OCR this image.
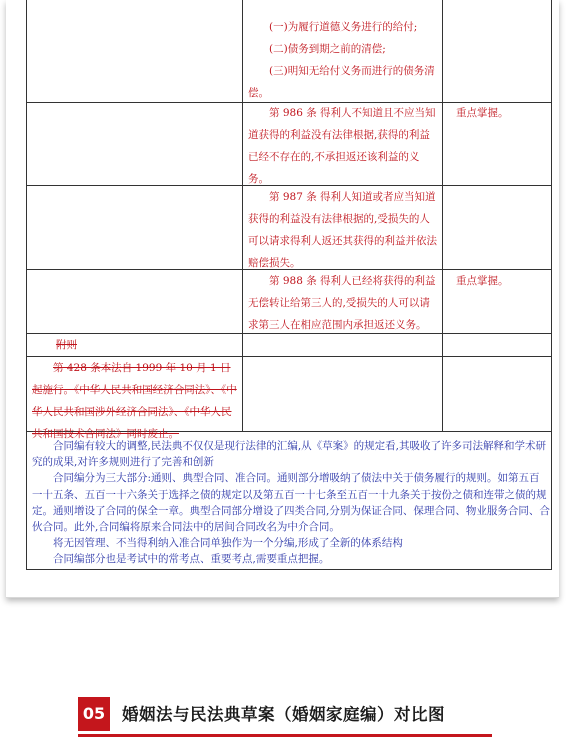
(一)为履行道德义务进行的给付;
(二)债务到期之前的清偿;
(三)明知无给付义务而进行的债务清偿。
第 986 条 得利人不知道且不应当知道获得的利益没有法律根据,获得的利益已经不存在的,不承担返还该利益的义务。
重点掌握。
第 987 条 得利人知道或者应当知道获得的利益没有法律根据的,受损失的人可以请求得利人返还其获得的利益并依法赔偿损失。
第 988 条 得利人已经将获得的利益无偿转让给第三人的,受损失的人可以请求第三人在相应范围内承担返还义务。
重点掌握。
附则
第 428 条本法自 1999 年 10 月 1 日起施行。《中华人民共和国经济合同法》、《中华人民共和国涉外经济合同法》、《中华人民共和国技术合同法》同时废止。

合同编有较大的调整,民法典不仅仅是现行法律的汇编,从《草案》的规定看,其吸收了许多司法解释和学术研究的成果,对许多规则进行了完善和创新

合同编分为三大部分:通则、典型合同、准合同。通则部分增吸纳了债法中关于债务履行的规则。如第五百一十五条、五百一十六条关于选择之债的规定以及第五百一十七条至五百一十九条关于按份之债和连带之债的规定。通则增设了合同的保全一章。典型合同部分增设了四类合同,分别为保证合同、保理合同、物业服务合同、合伙合同。此外,合同编将原来合同法中的居间合同改名为中介合同。

将无因管理、不当得利纳入准合同单独作为一个分编,形成了全新的体系结构

合同编部分也是考试中的常考点、重要考点,需要重点把握。

05 婚姻法与民法典草案（婚姻家庭编）对比图
